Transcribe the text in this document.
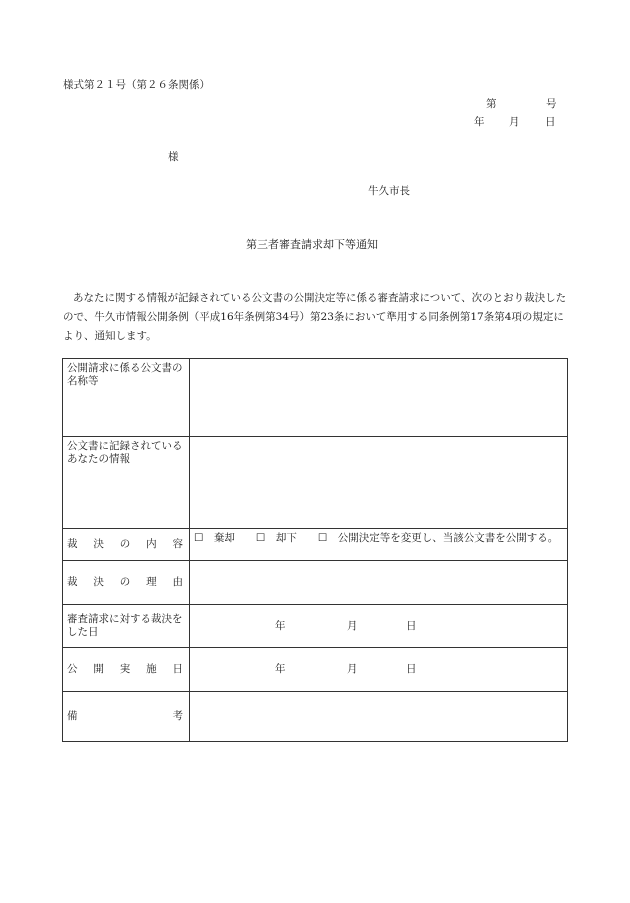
様式第２１号（第２６条関係）
第	号
年 月 日
様
牛久市長
第三者審査請求却下等通知
あなたに関する情報が記録されている公文書の公開決定等に係る審査請求について、次のとおり裁決したので、牛久市情報公開条例（平成16年条例第34号）第23条において準用する同条例第17条第4項の規定により、通知します。
公開請求に係る公文書の名称等	
公文書に記録されているあなたの情報	

裁 決 の 内 容	☐　棄却　　☐　却下　　☐　公開決定等を変更し、当該公文書を公開する。

裁 決 の 理 由	

審査請求に対する裁決をした日	年 月 日

公 開 実 施 日	年 月 日

備 考	
